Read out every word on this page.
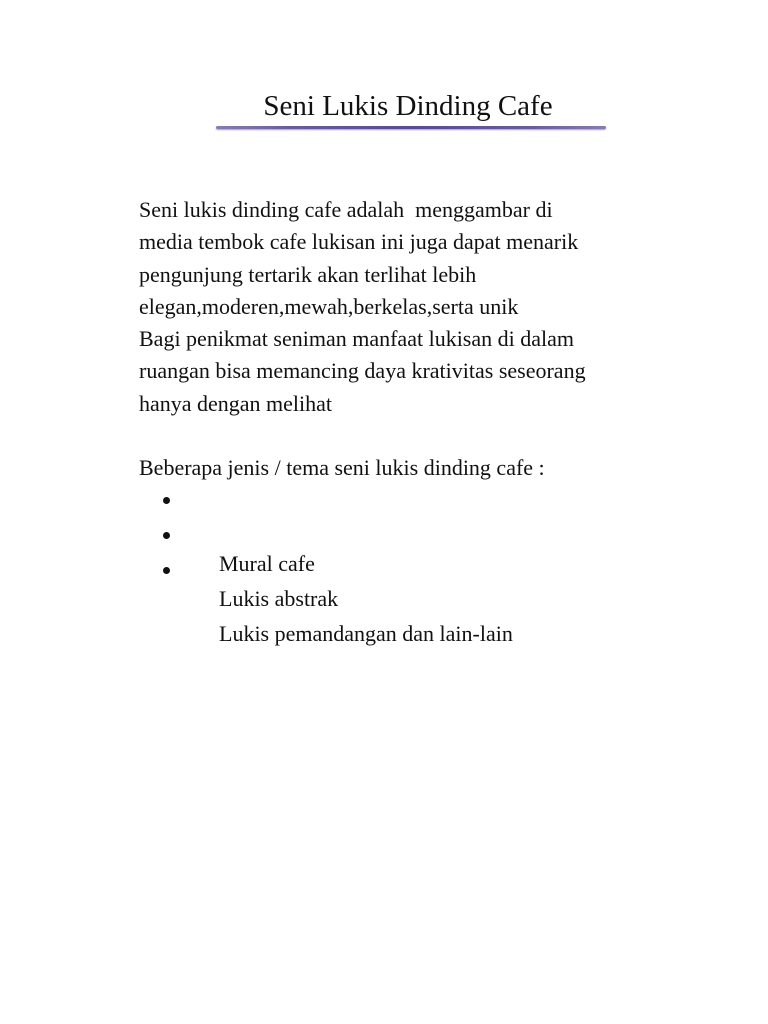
Seni Lukis Dinding Cafe

Seni lukis dinding cafe adalah  menggambar di
media tembok cafe lukisan ini juga dapat menarik
pengunjung tertarik akan terlihat lebih
elegan,moderen,mewah,berkelas,serta unik
Bagi penikmat seniman manfaat lukisan di dalam
ruangan bisa memancing daya krativitas seseorang
hanya dengan melihat

Beberapa jenis / tema seni lukis dinding cafe :

Mural cafe

Lukis abstrak

Lukis pemandangan dan lain-lain
